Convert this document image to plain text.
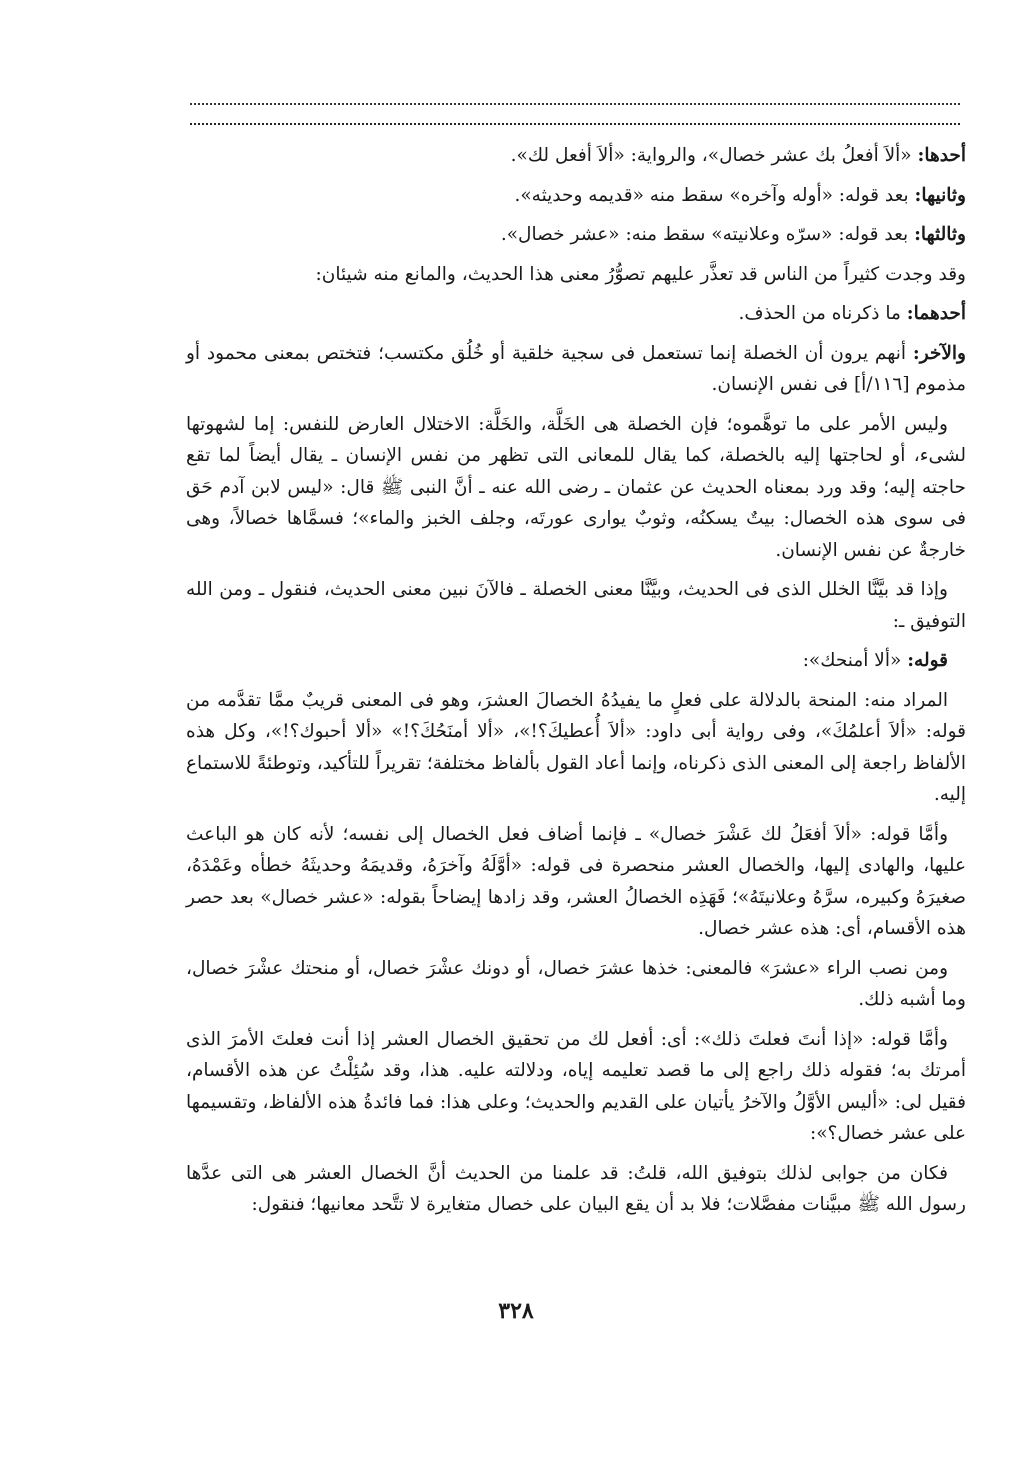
أحدها: «ألاَ أفعلُ بك عشر خصال»، والرواية: «ألاَ أفعل لك».

وثانيها: بعد قوله: «أوله وآخره» سقط منه «قديمه وحديثه».

وثالثها: بعد قوله: «سرّه وعلانيته» سقط منه: «عشر خصال».

وقد وجدت كثيراً من الناس قد تعذَّر عليهم تصوُّرُ معنى هذا الحديث، والمانع منه شيئان:

أحدهما: ما ذكرناه من الحذف.

والآخر: أنهم يرون أن الخصلة إنما تستعمل فى سجية خلقية أو خُلُق مكتسب؛ فتختص بمعنى محمود أو مذموم [١١٦/أ] فى نفس الإنسان.

وليس الأمر على ما توهَّموه؛ فإن الخصلة هى الخَلَّة، والخَلَّة: الاختلال العارض للنفس: إما لشهوتها لشىء، أو لحاجتها إليه بالخصلة، كما يقال للمعانى التى تظهر من نفس الإنسان ـ يقال أيضاً لما تقع حاجته إليه؛ وقد ورد بمعناه الحديث عن عثمان ـ رضى الله عنه ـ أنَّ النبى ﷺ قال: «ليس لابن آدم حَق فى سوى هذه الخصال: بيتٌ يسكنُه، وثوبٌ يوارى عورتَه، وجلف الخبز والماء»؛ فسمَّاها خصالاً، وهى خارجةٌ عن نفس الإنسان.

وإذا قد بيَّنَّا الخلل الذى فى الحديث، وبيَّنَّا معنى الخصلة ـ فالآنَ نبين معنى الحديث، فنقول ـ ومن الله التوفيق ـ:

قوله: «ألا أمنحك»:

المراد منه: المنحة بالدلالة على فعلٍ ما يفيدُهُ الخصالَ العشرَ، وهو فى المعنى قريبٌ ممَّا تقدَّمه من قوله: «ألاَ أعلمُكَ»، وفى رواية أبى داود: «ألاَ أُعطيكَ؟!»، «ألا أمنَحُكَ؟!» «ألا أحبوك؟!»، وكل هذه الألفاظ راجعة إلى المعنى الذى ذكرناه، وإنما أعاد القول بألفاظ مختلفة؛ تقريراً للتأكيد، وتوطئةً للاستماع إليه.

وأمَّا قوله: «ألاَ أفعَلُ لك عَشْرَ خصال» ـ فإنما أضاف فعل الخصال إلى نفسه؛ لأنه كان هو الباعث عليها، والهادى إليها، والخصال العشر منحصرة فى قوله: «أوَّلَهُ وآخرَهُ، وقديمَهُ وحديثَهُ خطأه وعَمْدَهُ، صغيرَهُ وكبيره، سرَّهُ وعلانيتَهُ»؛ فَهَذِه الخصالُ العشر، وقد زادها إيضاحاً بقوله: «عشر خصال» بعد حصر هذه الأقسام، أى: هذه عشر خصال.

ومن نصب الراء «عشرَ» فالمعنى: خذها عشرَ خصال، أو دونك عشْرَ خصال، أو منحتك عشْرَ خصال، وما أشبه ذلك.

وأمَّا قوله: «إذا أنتَ فعلتَ ذلك»: أى: أفعل لك من تحقيق الخصال العشر إذا أنت فعلتَ الأمرَ الذى أمرتك به؛ فقوله ذلك راجع إلى ما قصد تعليمه إياه، ودلالته عليه. هذا، وقد سُئِلْتُ عن هذه الأقسام، فقيل لى: «أليس الأوَّلُ والآخرُ يأتيان على القديم والحديث؛ وعلى هذا: فما فائدةُ هذه الألفاظ، وتقسيمها على عشر خصال؟»:

فكان من جوابى لذلك بتوفيق الله، قلتُ: قد علمنا من الحديث أنَّ الخصال العشر هى التى عدَّها رسول الله ﷺ مبيَّنات مفصَّلات؛ فلا بد أن يقع البيان على خصال متغايرة لا تتَّحد معانيها؛ فنقول:

٣٢٨
